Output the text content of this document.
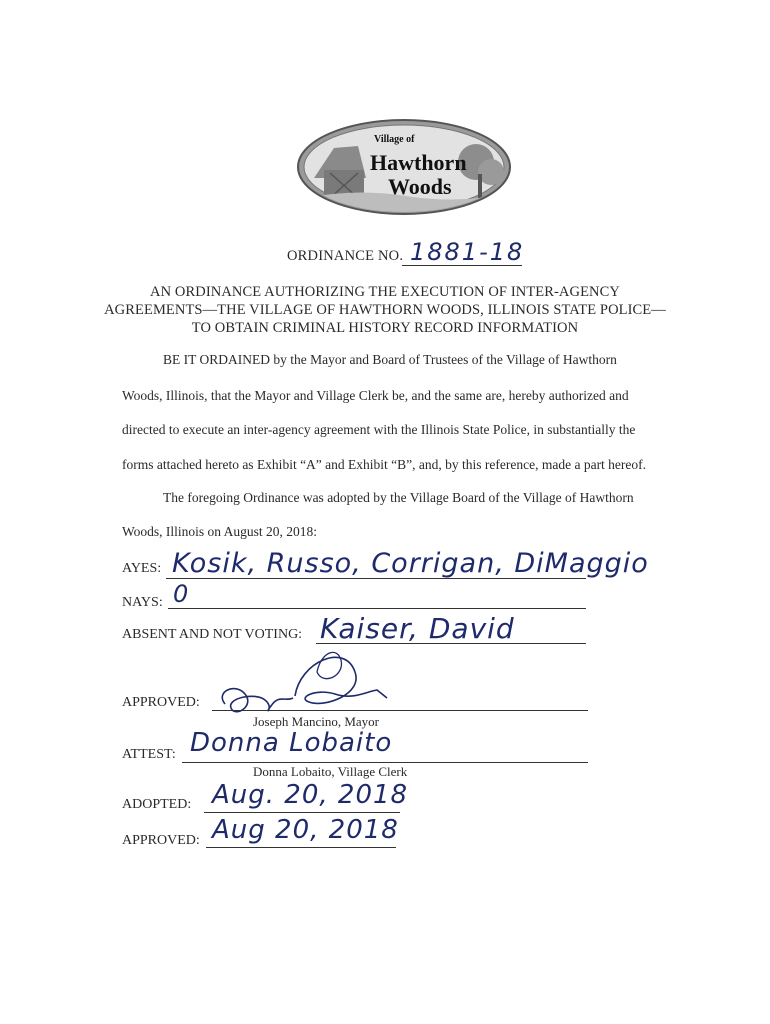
Village of
Hawthorn
Woods
ORDINANCE NO. 1881-18
AN ORDINANCE AUTHORIZING THE EXECUTION OF INTER-AGENCY
AGREEMENTS—THE VILLAGE OF HAWTHORN WOODS, ILLINOIS STATE POLICE—
TO OBTAIN CRIMINAL HISTORY RECORD INFORMATION
BE IT ORDAINED by the Mayor and Board of Trustees of the Village of Hawthorn
Woods, Illinois, that the Mayor and Village Clerk be, and the same are, hereby authorized and
directed to execute an inter-agency agreement with the Illinois State Police, in substantially the
forms attached hereto as Exhibit “A” and Exhibit “B”, and, by this reference, made a part hereof.
The foregoing Ordinance was adopted by the Village Board of the Village of Hawthorn
Woods, Illinois on August 20, 2018:
AYES: Kosik, Russo, Corrigan, DiMaggio
NAYS: 0
ABSENT AND NOT VOTING: Kaiser, David
APPROVED:
Joseph Mancino, Mayor
ATTEST: Donna Lobaito
Donna Lobaito, Village Clerk
ADOPTED: Aug. 20, 2018
APPROVED: Aug 20, 2018
